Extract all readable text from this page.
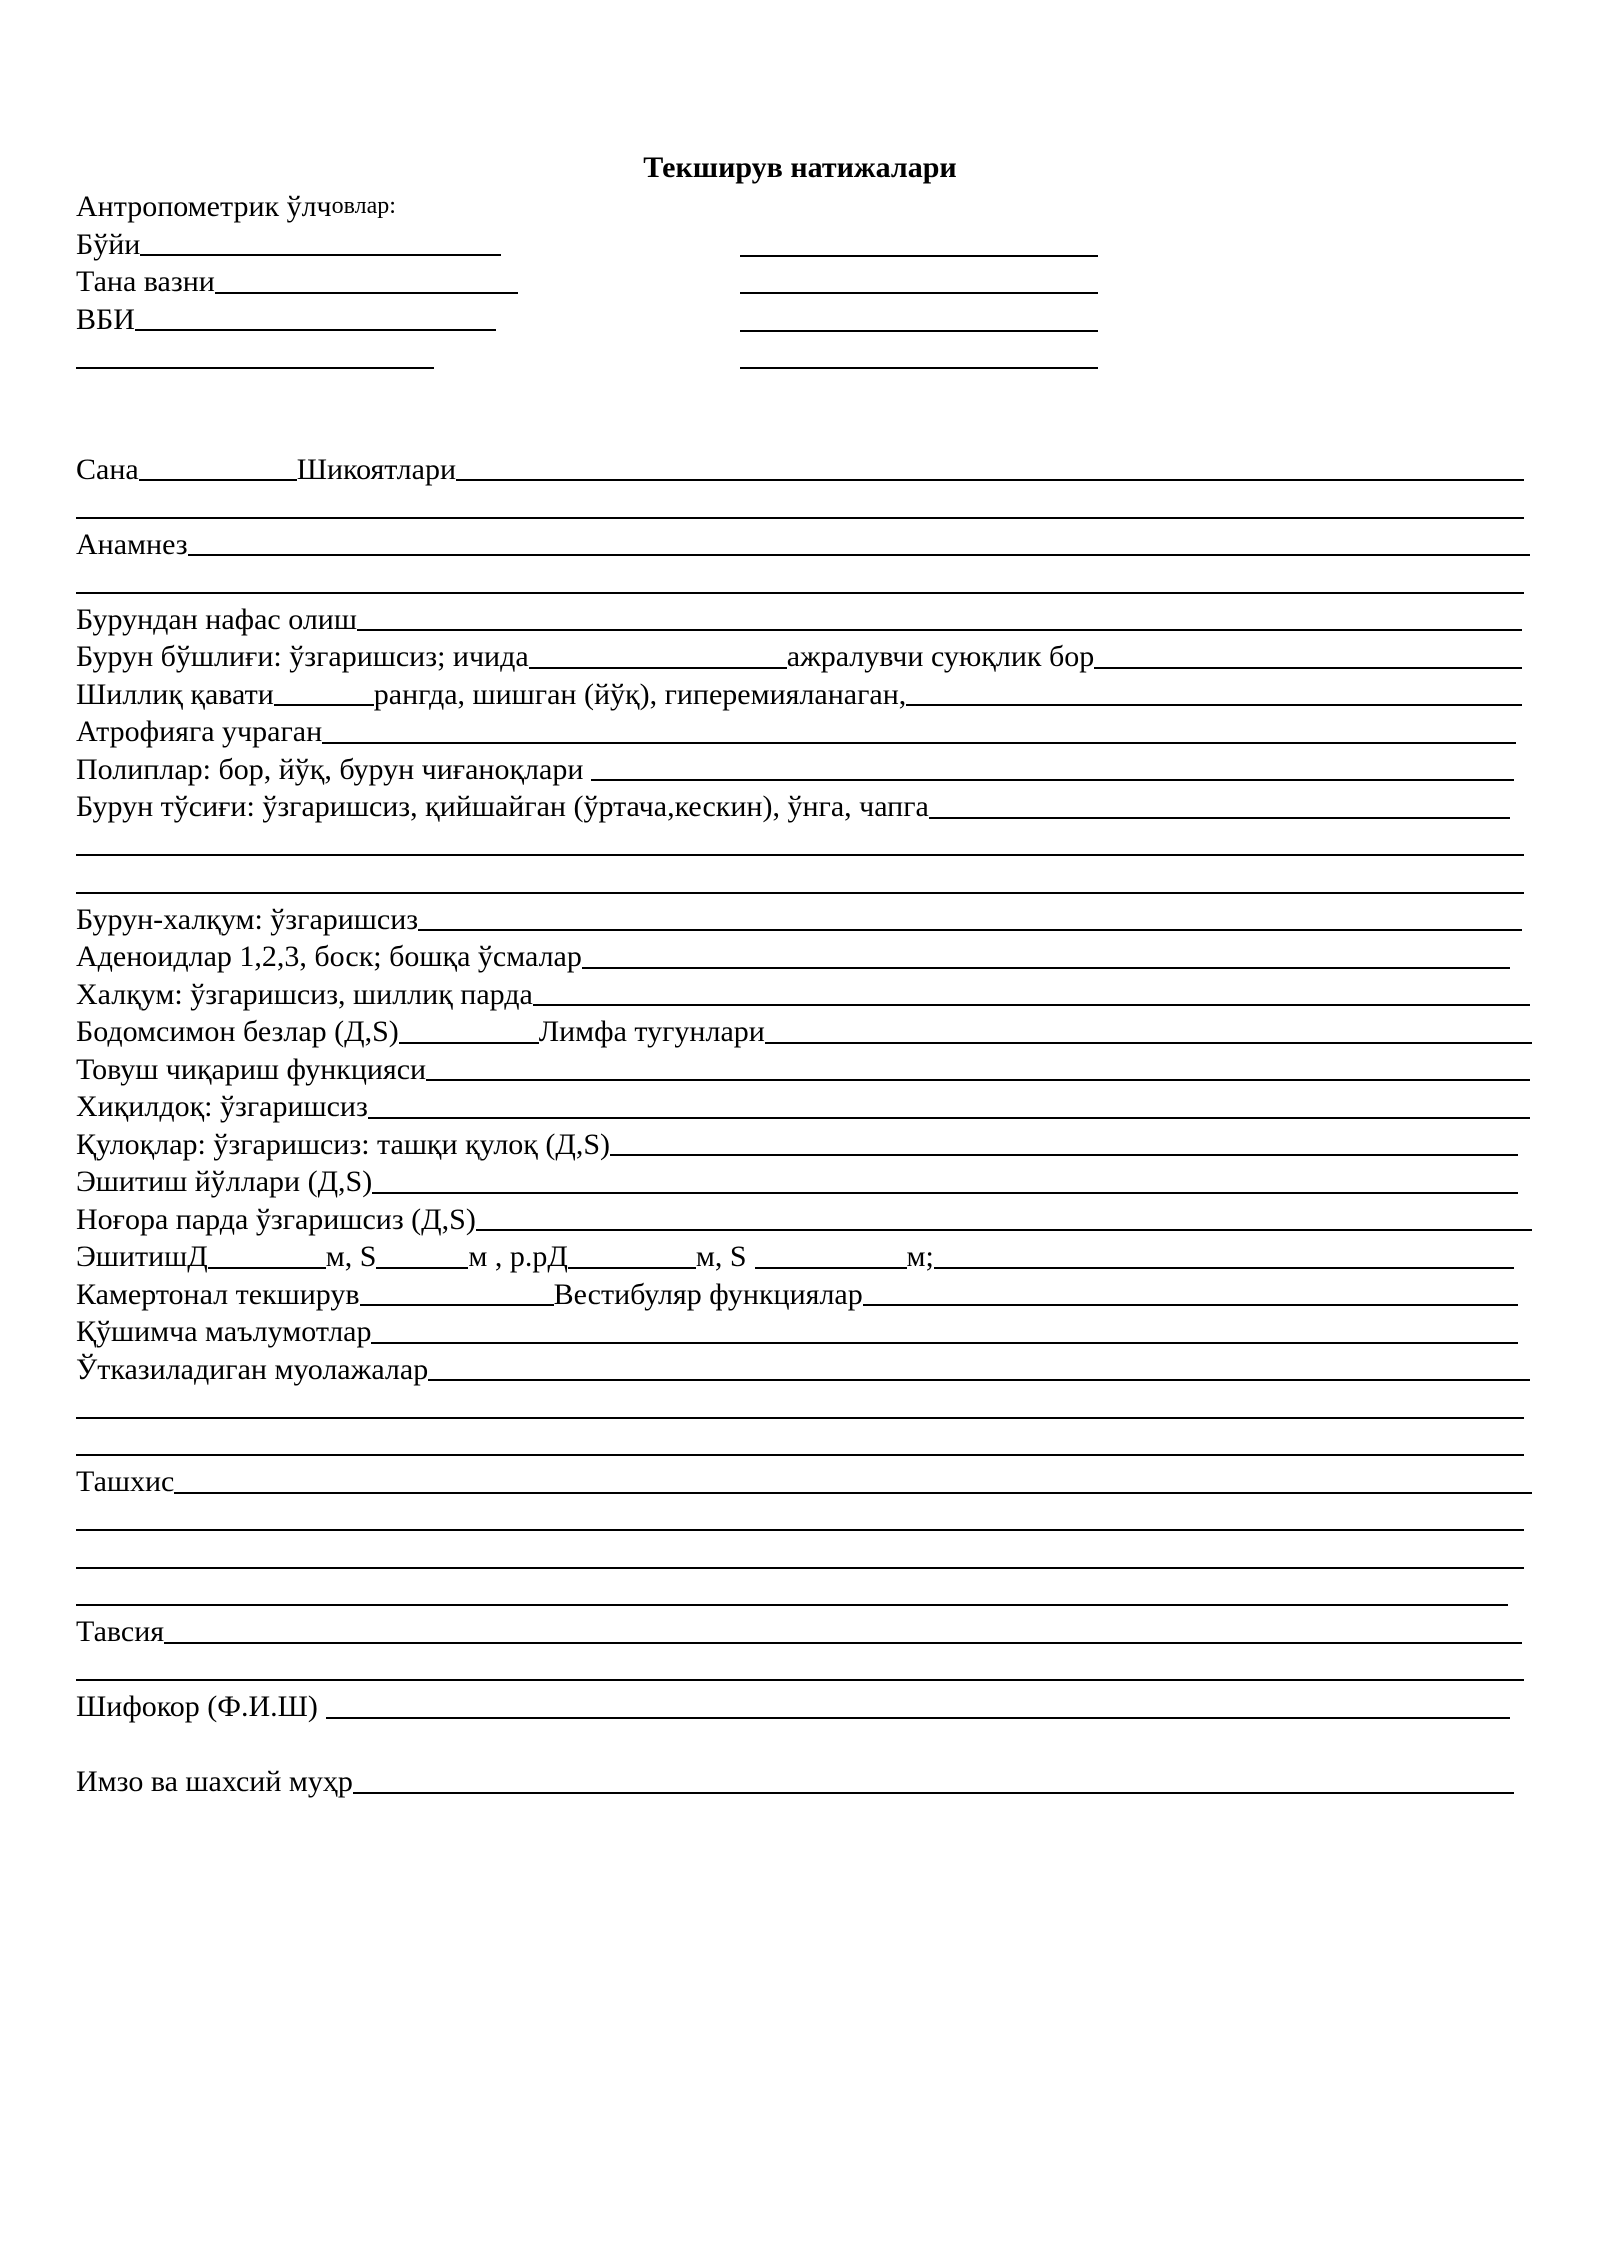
Текширув натижалари
Антропометрик ўлч овлар:
Бўйи
Тана вазни
ВБИ
Сана	Шикоятлари
Анамнез
Бурундан нафас олиш
Бурун бўшлиғи: ўзгаришсиз; ичида	ажралувчи суюқлик бор
Шиллиқ қавати	рангда, шишган (йўқ), гиперемияланаган,
Атрофияга учраган
Полиплар: бор, йўқ, бурун чиғаноқлари
Бурун тўсиғи: ўзгаришсиз, қийшайган (ўртача,кескин), ўнга, чапга
Бурун-халқум: ўзгаришсиз
Аденоидлар 1,2,3, боск; бошқа ўсмалар
Халқум: ўзгаришсиз, шиллиқ парда
Бодомсимон безлар (Д,S)	Лимфа тугунлари
Товуш чиқариш функцияси
Хиқилдоқ: ўзгаришсиз
Қулоқлар: ўзгаришсиз: ташқи қулоқ (Д,S)
Эшитиш йўллари (Д,S)
Ноғора парда ўзгаришсиз (Д,S)
ЭшитишД	м, S	м , р.рД	м, S	м;
Камертонал текширув	Вестибуляр функциялар
Қўшимча маълумотлар
Ўтказиладиган муолажалар
Ташхис
Тавсия
Шифокор (Ф.И.Ш)
Имзо ва шахсий муҳр
